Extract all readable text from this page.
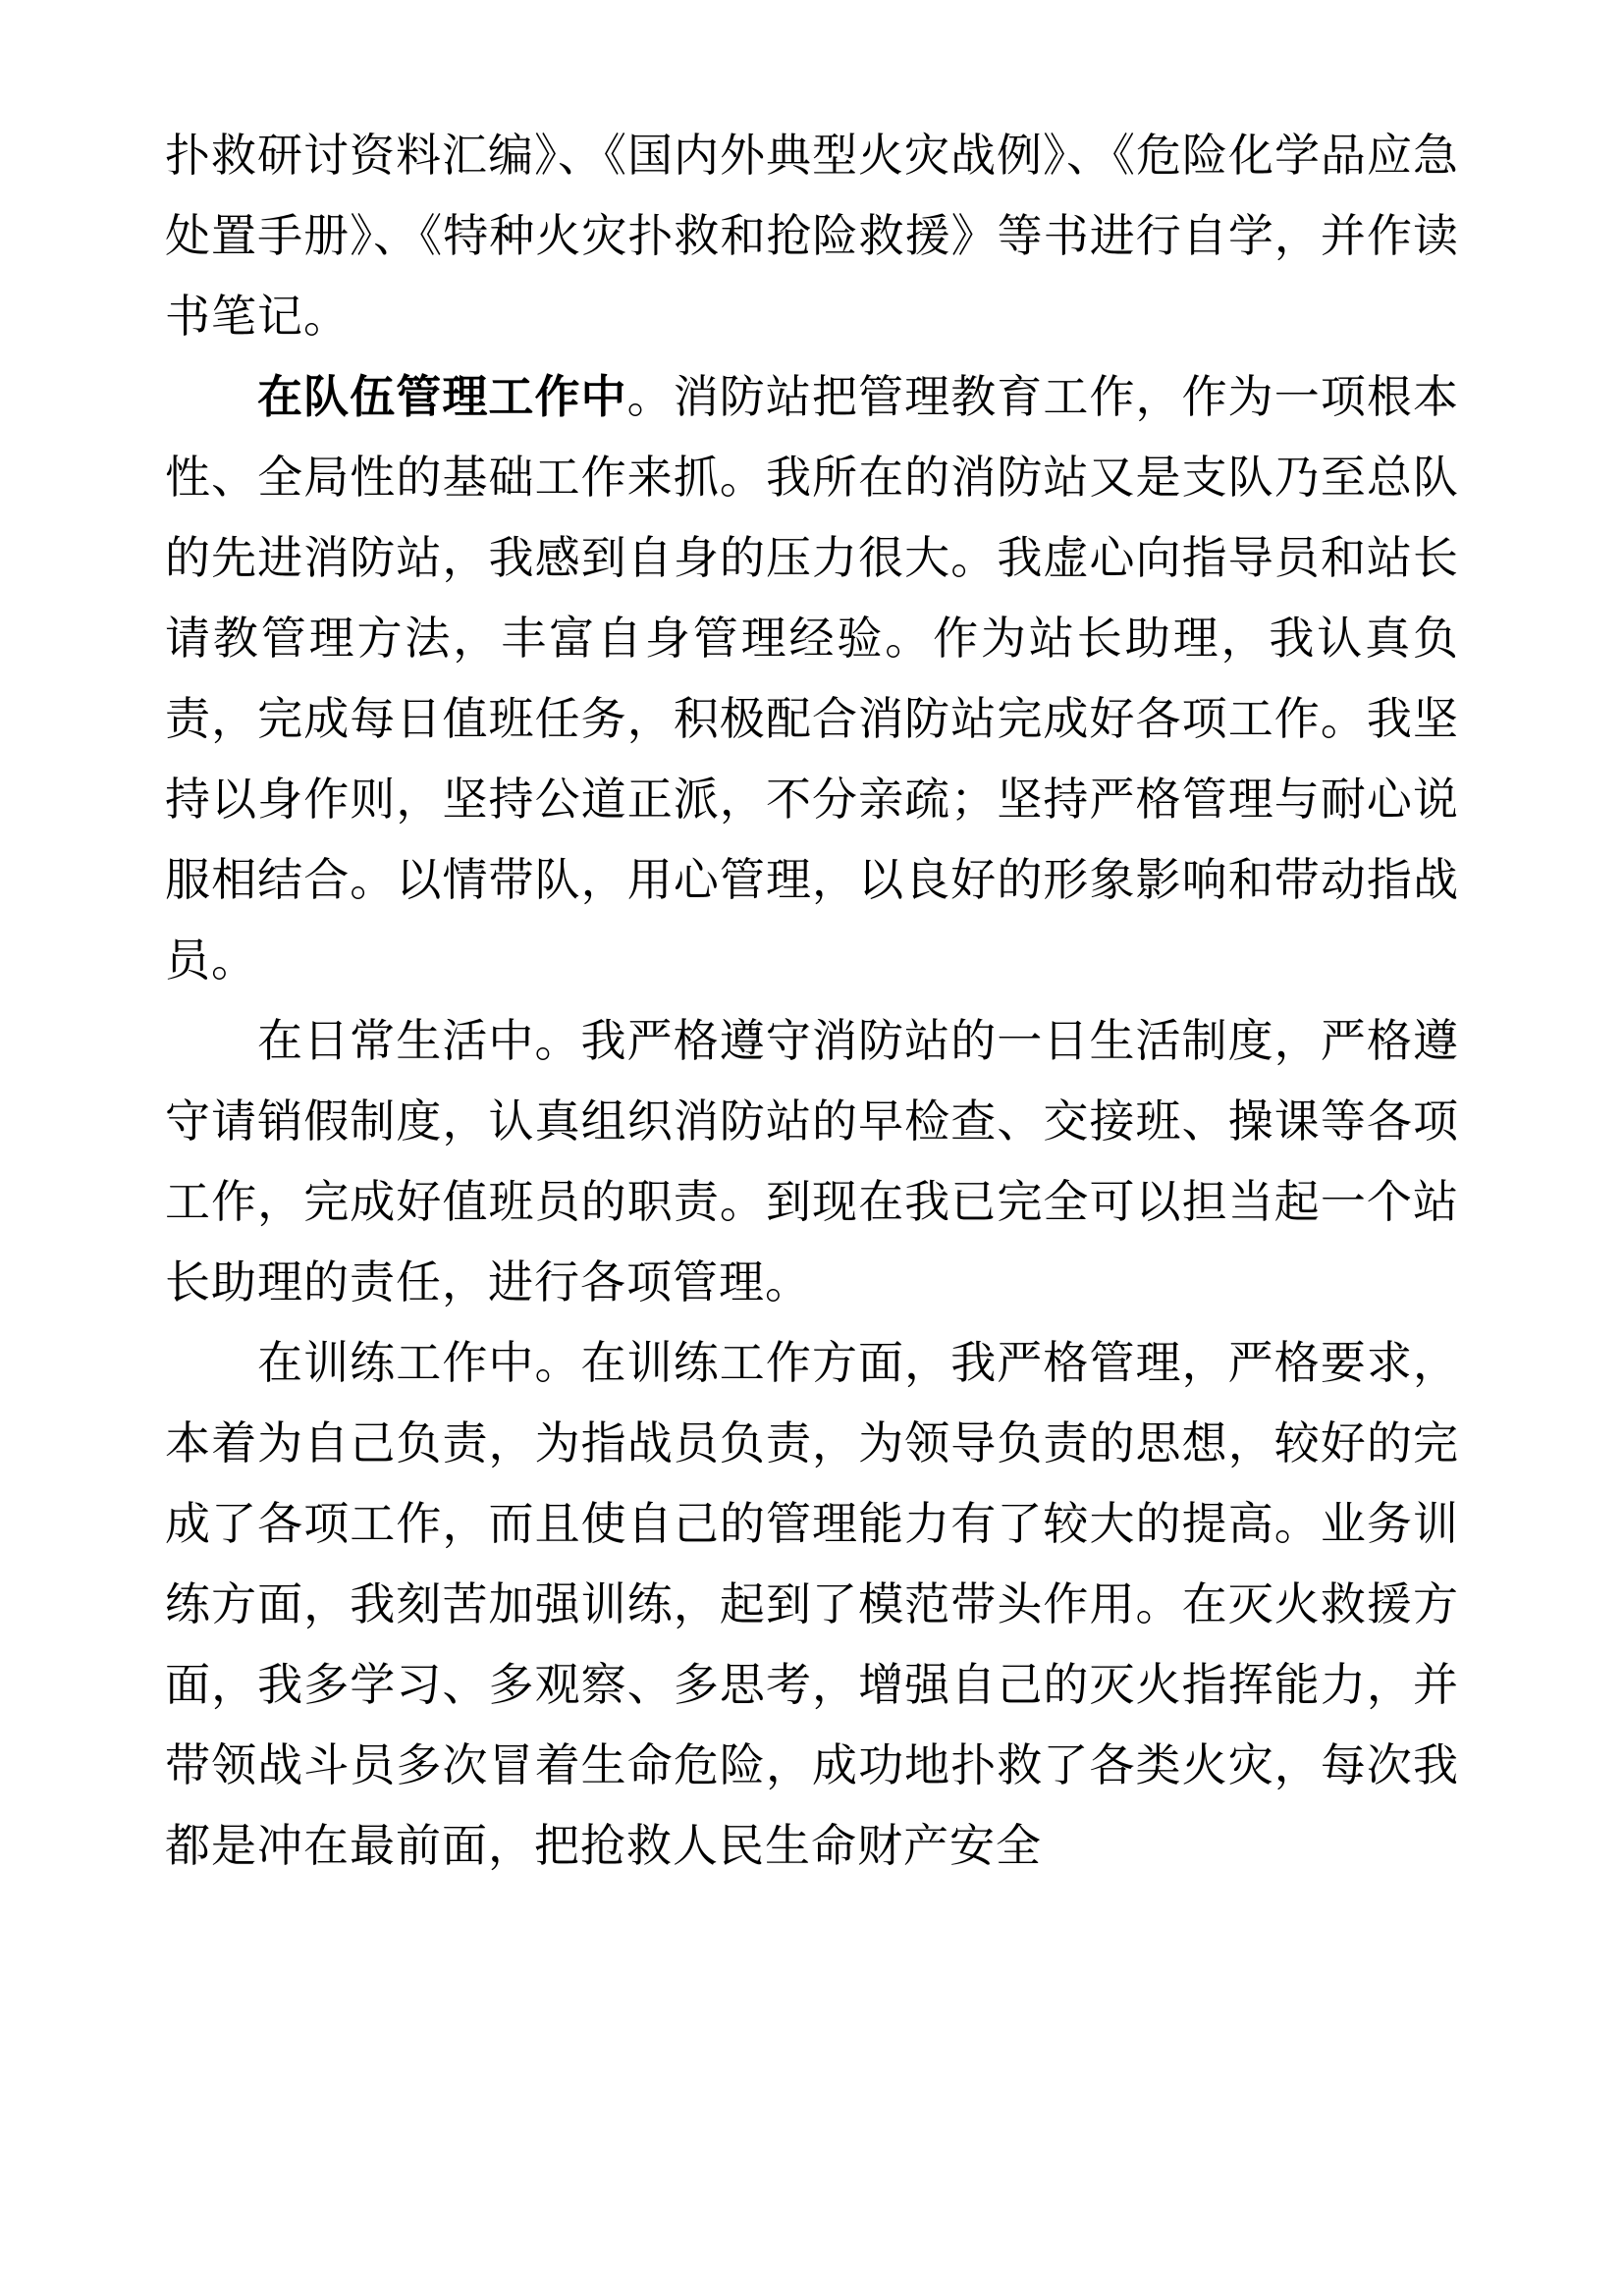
扑救研讨资料汇编》、《国内外典型火灾战例》、《危险化学品应急处置手册》、《特种火灾扑救和抢险救援》等书进行自学，并作读书笔记。

在队伍管理工作中。消防站把管理教育工作，作为一项根本性、全局性的基础工作来抓。我所在的消防站又是支队乃至总队的先进消防站，我感到自身的压力很大。我虚心向指导员和站长请教管理方法，丰富自身管理经验。作为站长助理，我认真负责，完成每日值班任务，积极配合消防站完成好各项工作。我坚持以身作则，坚持公道正派，不分亲疏；坚持严格管理与耐心说服相结合。以情带队，用心管理，以良好的形象影响和带动指战员。

在日常生活中。我严格遵守消防站的一日生活制度，严格遵守请销假制度，认真组织消防站的早检查、交接班、操课等各项工作，完成好值班员的职责。到现在我已完全可以担当起一个站长助理的责任，进行各项管理。

在训练工作中。在训练工作方面，我严格管理，严格要求，本着为自己负责，为指战员负责，为领导负责的思想，较好的完成了各项工作，而且使自己的管理能力有了较大的提高。业务训练方面，我刻苦加强训练，起到了模范带头作用。在灭火救援方面，我多学习、多观察、多思考，增强自己的灭火指挥能力，并带领战斗员多次冒着生命危险，成功地扑救了各类火灾，每次我都是冲在最前面，把抢救人民生命财产安全
